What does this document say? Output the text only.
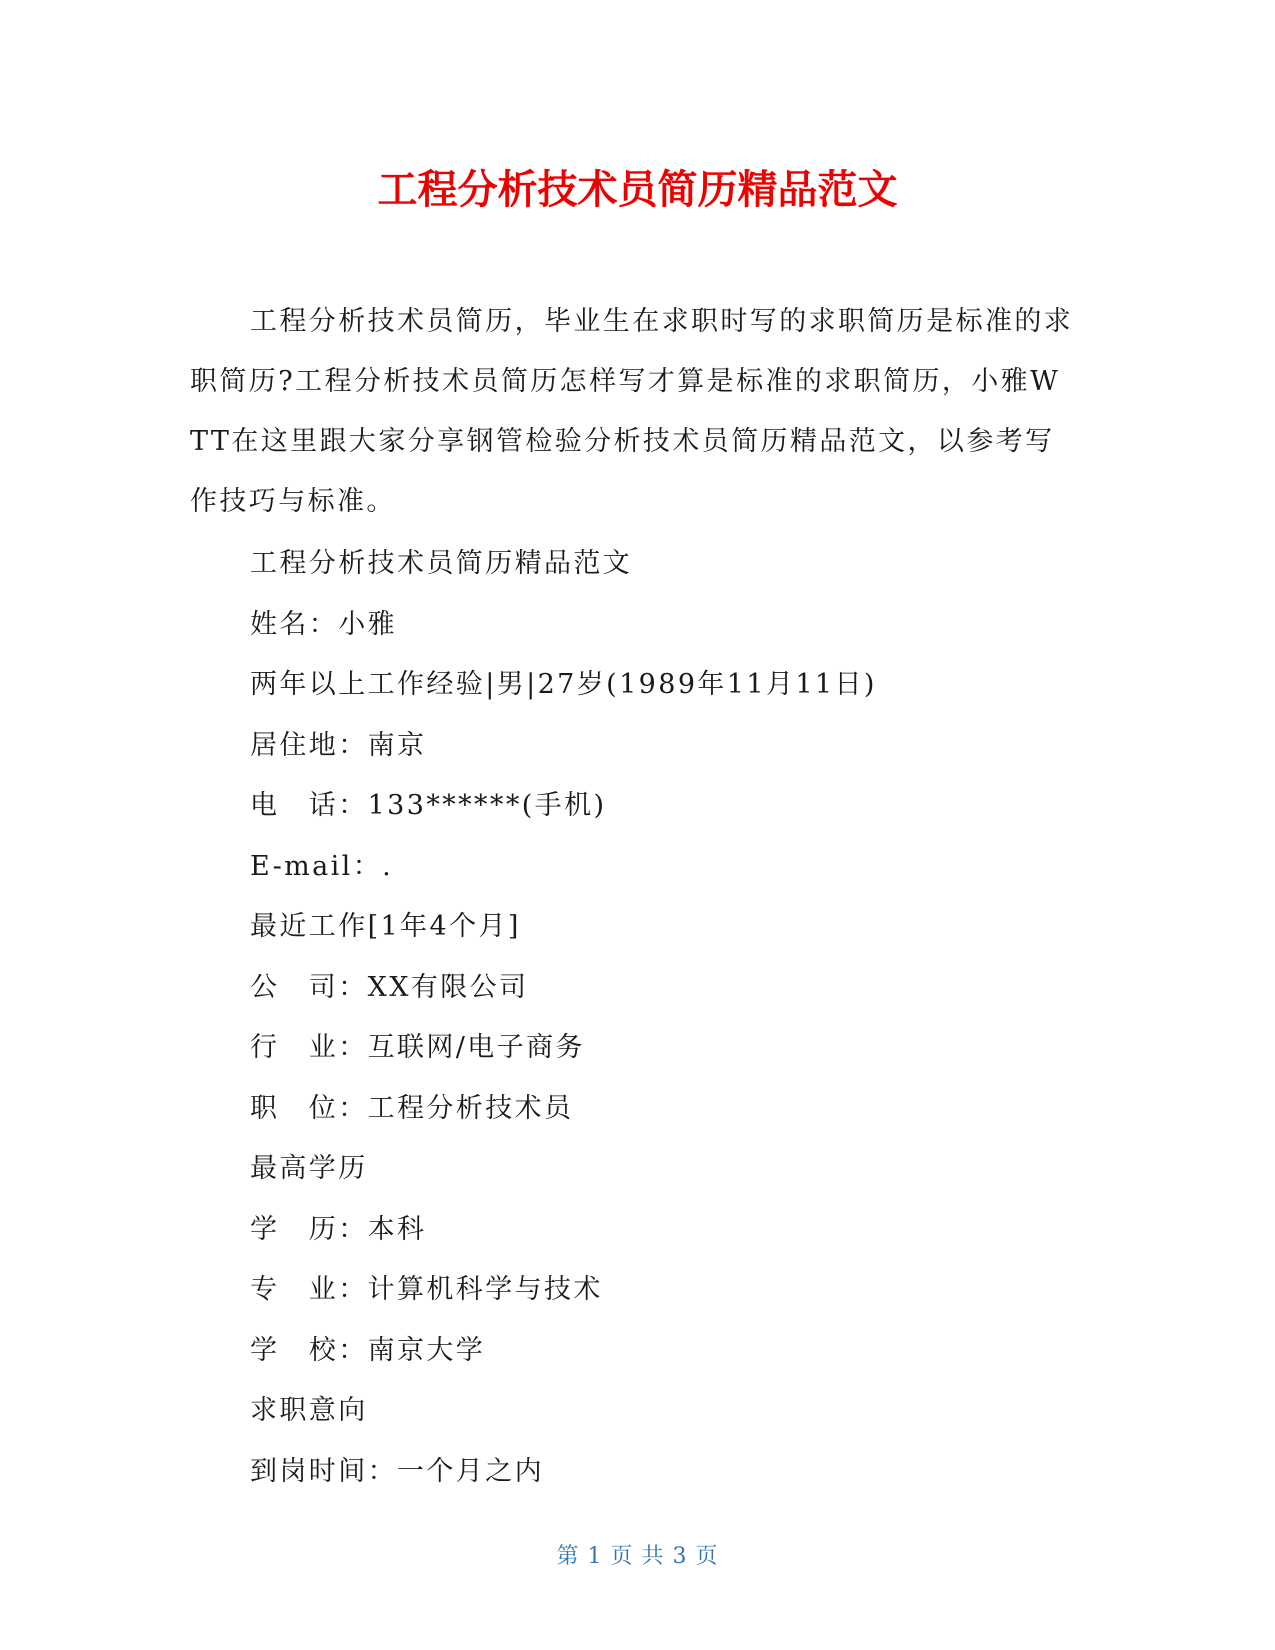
工程分析技术员简历精品范文

工程分析技术员简历，毕业生在求职时写的求职简历是标准的求职简历?工程分析技术员简历怎样写才算是标准的求职简历，小雅WTT在这里跟大家分享钢管检验分析技术员简历精品范文，以参考写作技巧与标准。

工程分析技术员简历精品范文
姓名：小雅
两年以上工作经验|男|27岁(1989年11月11日)
居住地：南京
电　话：133******(手机)
E-mail：.
最近工作[1年4个月]
公　司：XX有限公司
行　业：互联网/电子商务
职　位：工程分析技术员
最高学历
学　历：本科
专　业：计算机科学与技术
学　校：南京大学
求职意向
到岗时间：一个月之内
第 1 页 共 3 页
